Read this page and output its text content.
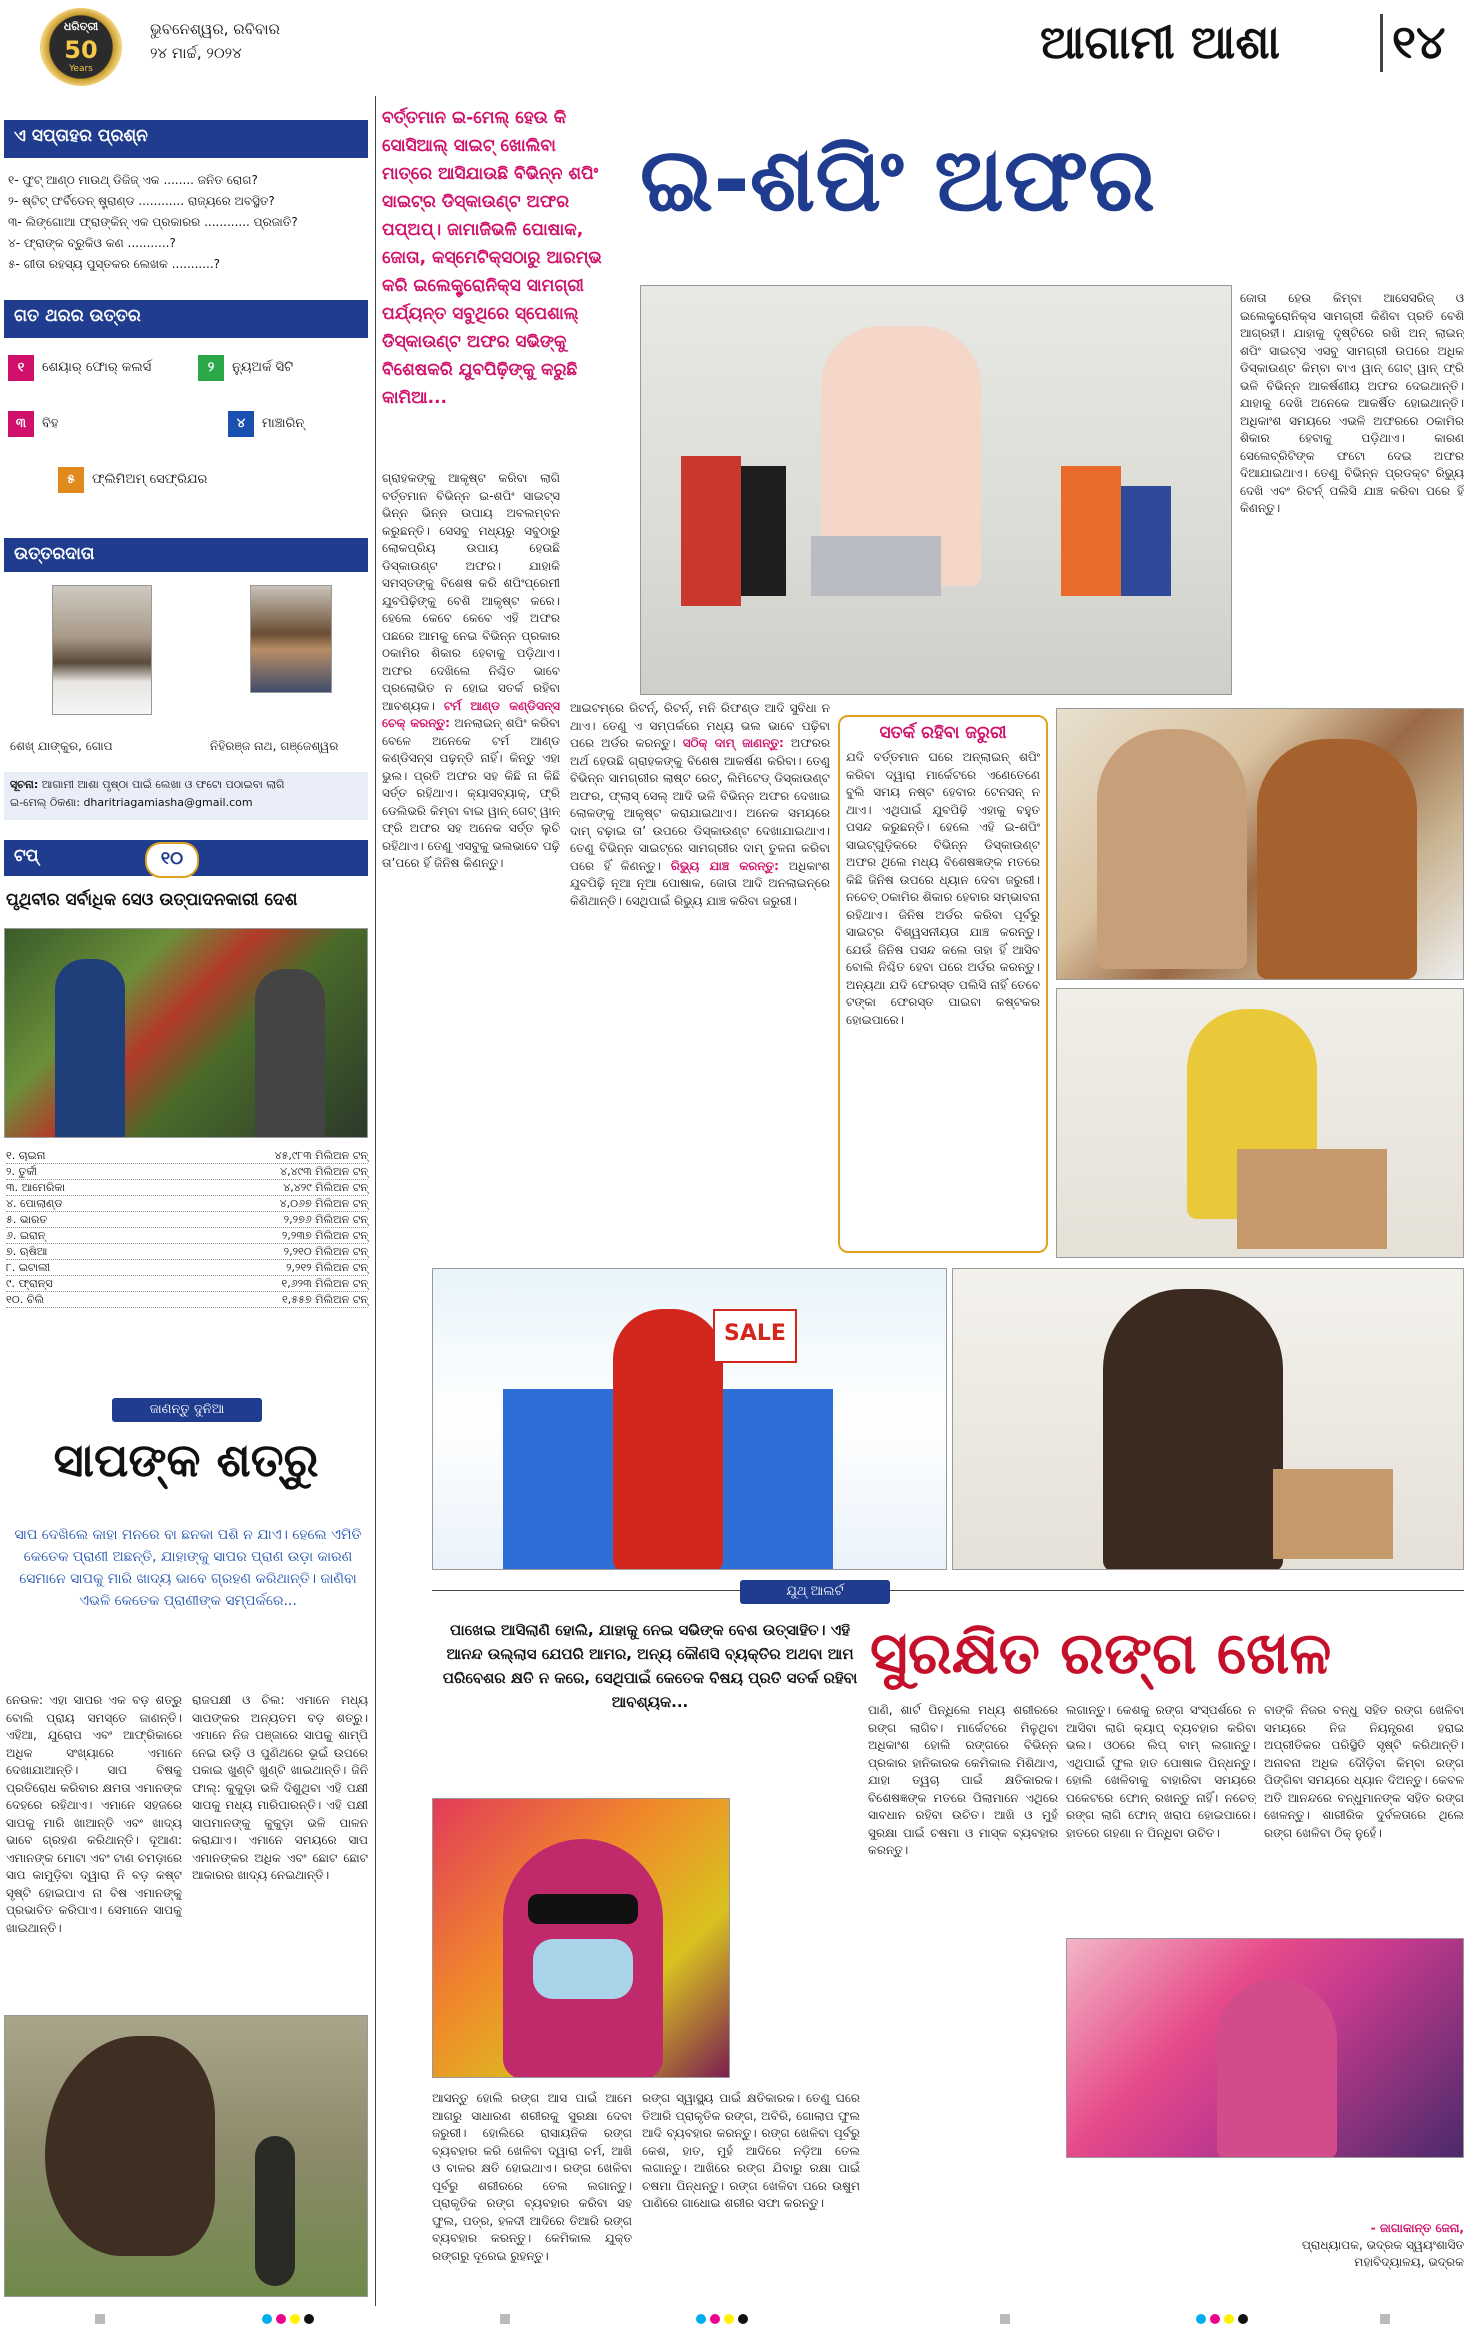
ଧରିତ୍ରୀ
50
Years
ଭୁବନେଶ୍ୱର, ରବିବାର
୨୪ ମାର୍ଚ୍ଚ, ୨୦୨୪	ଆଗାମୀ ଆଶା ୧୪
ଏ ସପ୍ତାହର ପ୍ରଶ୍ନ
୧- ଫୁଟ୍ ଆଣ୍ଠ ମାଉଥ୍ ଡିଜିଜ୍ ଏକ ........ ଜନିତ ରୋଗ?
୨- ଷ୍ଟିଟ୍ ଫର୍ବିଡେନ୍ ଷ୍ଟ୍ରାଣ୍ଡ ............ ରାଜ୍ୟରେ ଅବସ୍ଥିତ?
୩- ଲିଙ୍ଗୋଆ ଫ୍ରାଙ୍କିନ୍ ଏକ ପ୍ରକାରର ............ ପ୍ରଜାତି?
୪- ଫ୍ରାଙ୍କ ବ୍ରୁକିଓ କଣ ...........?
୫- ଗୀତା ରହସ୍ୟ ପୁସ୍ତକର ଲେଖକ ...........?
ଗତ ଥରର ଉତ୍ତର
୧ ଶେୟାର୍ ଫୋର୍ କଲର୍ସ	୨ ନ୍ୟୁଅର୍କ ସିଟି
୩ ବିହ	୪ ମାଞ୍ଚାରିନ୍
୫ ଫ୍ଲିମିଅମ୍ ସେଫ୍ରିଯର
ଉତ୍ତରଦାତା
ଶେଖ୍ ଯାଙ୍କୁର, ଗୋପ	ନିହିରଞ୍ଜ ନାଥ, ଗଞ୍ଜେଶ୍ୱର
ସୂଚନା: ଆଗାମୀ ଆଶା ପୃଷ୍ଠା ପାଇଁ ଲେଖା ଓ ଫଟୋ ପଠାଇବା ଲାଗି
ଇ-ମେଲ୍ ଠିକଣା: dharitriagamiasha@gmail.com
ଟପ୍	୧୦
ପୃଥିବୀର ସର୍ବାଧିକ ସେଓ ଉତ୍ପାଦନକାରୀ ଦେଶ
୧. ଚାଇନା	୪୫,୯୮୩ ମିଲିଅନ ଟନ୍
୨. ତୁର୍କୀ	୪,୪୯୩ ମିଲିଅନ ଟନ୍
୩. ଆମେରିକା	୪,୪୨୯ ମିଲିଅନ ଟନ୍
୪. ପୋଲାଣ୍ଡ	୪,୦୬୭ ମିଲିଅନ ଟନ୍
୫. ଭାରତ	୨,୨୭୬ ମିଲିଅନ ଟନ୍
୬. ଇରାନ୍	୨,୨୩୭ ମିଲିଅନ ଟନ୍
୭. ଋଷିଆ	୨,୨୧୦ ମିଲିଅନ ଟନ୍
୮. ଇଟାଲୀ	୨,୨୧୨ ମିଲିଅନ ଟନ୍
୯. ଫ୍ରାନ୍ସ	୧,୬୨୩ ମିଲିଅନ ଟନ୍
୧୦. ଚିଲି	୧,୫୫୭ ମିଲିଅନ ଟନ୍
ଜାଣନ୍ତୁ ଦୁନିଆ
ସାପଙ୍କ ଶତ୍ରୁ
ସାପ ଦେଖିଲେ କାହା ମନରେ ବା ଛନକା ପଶି ନ ଯାଏ। ହେଲେ ଏମିତି କେତେକ ପ୍ରାଣୀ ଅଛନ୍ତି, ଯାହାଙ୍କୁ ସାପର ପ୍ରାଣ ଉଡ଼ା କାରଣ ସେମାନେ ସାପକୁ ମାରି ଖାଦ୍ୟ ଭାବେ ଗ୍ରହଣ କରିଥାନ୍ତି। ଜାଣିବା ଏଭଳି କେତେକ ପ୍ରାଣୀଙ୍କ ସମ୍ପର୍କରେ...
ନେଉଳ: ଏହା ସାପର ଏକ ବଡ଼ ଶତ୍ରୁ ବୋଲି ପ୍ରାୟ ସମସ୍ତେ ଜାଣନ୍ତି। ଏହିଆ, ଯୁରୋପ ଏବଂ ଆଫ୍ରିକାରେ ଅଧିକ ସଂଖ୍ୟାରେ ଏମାନେ ଦେଖାଯାଆନ୍ତି। ସାପ ବିଷକୁ ପ୍ରତିରୋଧ କରିବାର କ୍ଷମତା ଏମାନଙ୍କ ଦେହରେ ରହିଥାଏ। ଏମାନେ ସହଜରେ ସାପକୁ ମାରି ଖାଆନ୍ତି ଏବଂ ଖାଦ୍ୟ ଭାବେ ଗ୍ରହଣ କରିଥାନ୍ତି। ଦୂଆଣ: ଏମାନଙ୍କ ମୋଟା ଏବଂ ଟାଣ ଚମଡ଼ାରେ ସାପ କାମୁଡ଼ିବା ଦ୍ୱାରା ନି ବଡ଼ କଷ୍ଟ ସୃଷ୍ଟି ହୋଇପାଏ ନା ବିଷ ଏମାନଙ୍କୁ ପ୍ରଭାବିତ କରିପାଏ। ସେମାନେ ସାପକୁ ଖାଇଥାନ୍ତି।
ରାଜପକ୍ଷୀ ଓ ଚିଲ: ଏମାନେ ମଧ୍ୟ ସାପଙ୍କର ଅନ୍ୟତମ ବଡ଼ ଶତ୍ରୁ। ଏମାନେ ନିଜ ପଞ୍ଜାରେ ସାପକୁ ଶାମ୍ପି ନେଇ ଉଡ଼ି ଓ ପୁଣିଥରେ ଭୂଇଁ ଉପରେ ପକାଇ ଖୁଣ୍ଟି ଖୁଣ୍ଟି ଖାଇଥାନ୍ତି। ଜିନି ଫାଲ୍: କୁକୁଡ଼ା ଭଳି ଦିଶୁଥିବା ଏହି ପକ୍ଷୀ ସାପକୁ ମଧ୍ୟ ମାରିପାରନ୍ତି। ଏହି ପକ୍ଷୀ ସାପମାନଙ୍କୁ କୁକୁଡ଼ା ଭଳି ପାଳନ କରାଯାଏ। ଏମାନେ ସମୟରେ ସାପ ଏମାନଙ୍କର ଅଧିକ ଏବଂ ଛୋଟ ଛୋଟ ଆକାରର ଖାଦ୍ୟ ନେଇଥାନ୍ତି।
ବର୍ତ୍ତମାନ ଇ-ମେଲ୍ ହେଉ କି ସୋସିଆଲ୍ ସାଇଟ୍ ଖୋଲିବା ମାତ୍ରେ ଆସିଯାଉଛି ବିଭିନ୍ନ ଶପିଂ ସାଇଟ୍‌ର ଡିସ୍କାଉଣ୍ଟ ଅଫର ପପ୍‌ଅପ୍। ଜାମାଜିଭଳି ପୋଷାକ, ଜୋତା, କସ୍‌ମେଟିକ୍ସଠାରୁ ଆରମ୍ଭ କରି ଇଲେକ୍ଟ୍ରୋନିକ୍ସ ସାମଗ୍ରୀ ପର୍ଯ୍ୟନ୍ତ ସବୁଥିରେ ସ୍ପେଶାଲ୍ ଡିସ୍କାଉଣ୍ଟ ଅଫର ସଭିଙ୍କୁ ବିଶେଷକରି ଯୁବପିଢ଼ିଙ୍କୁ କରୁଛି କାମିଆ...
ଇ-ଶପିଂ ଅଫର
ଜୋତା ହେଉ କିମ୍ବା ଆସେସରିଜ୍ ଓ ଇଲେକ୍ଟ୍ରୋନିକ୍ସ ସାମଗ୍ରୀ କିଣିବା ପ୍ରତି ବେଶି ଆଗ୍ରହୀ। ଯାହାକୁ ଦୃଷ୍ଟିରେ ରଖି ଅନ୍ ଲାଇନ୍ ଶପିଂ ସାଇଟ୍ସ ଏସବୁ ସାମଗ୍ରୀ ଉପରେ ଅଧିକ ଡିସ୍କାଉଣ୍ଟ କିମ୍ବା ବାଏ ୱାନ୍ ଗେଟ୍ ୱାନ୍ ଫ୍ରି ଭଳି ବିଭିନ୍ନ ଆକର୍ଷଣୀୟ ଅଫର ଦେଇଥାନ୍ତି। ଯାହାକୁ ଦେଖି ଅନେକେ ଆକର୍ଷିତ ହୋଇଥାନ୍ତି। ଅଧିକାଂଶ ସମୟରେ ଏଭଳି ଅଫରରେ ଠକାମିର ଶିକାର ହେବାକୁ ପଡ଼ିଥାଏ। କାରଣ ସେଲେବ୍ରିଟିଙ୍କ ଫଟୋ ଦେଇ ଅଫର ଦିଆଯାଇଥାଏ। ତେଣୁ ବିଭିନ୍ନ ପ୍ରଡକ୍ଟ ରିଭ୍ୟୁ ଦେଖି ଏବଂ ରିଟର୍ନ୍ ପଲିସି ଯାଞ୍ଚ କରିବା ପରେ ହିଁ କିଣନ୍ତୁ।
ଗ୍ରାହକଙ୍କୁ ଆକୃଷ୍ଟ କରିବା ଲାଗି ବର୍ତ୍ତମାନ ବିଭିନ୍ନ ଇ-ଶପିଂ ସାଇଟ୍ସ ଭିନ୍ନ ଭିନ୍ନ ଉପାୟ ଅବଲମ୍ବନ କରୁଛନ୍ତି। ସେସବୁ ମଧ୍ୟରୁ ସବୁଠାରୁ ଲୋକପ୍ରିୟ ଉପାୟ ହେଉଛି ଡିସ୍କାଉଣ୍ଟ ଅଫର। ଯାହାକି ସମସ୍ତଙ୍କୁ ବିଶେଷ କରି ଶପିଂପ୍ରେମୀ ଯୁବପିଢ଼ିଙ୍କୁ ବେଶି ଆକୃଷ୍ଟ କରେ। ହେଲେ କେବେ କେବେ ଏହି ଅଫର ପଛରେ ଆମକୁ ନେଇ ବିଭିନ୍ନ ପ୍ରକାର ଠକାମିର ଶିକାର ହେବାକୁ ପଡ଼ିଥାଏ। ଅଫର ଦେଖିଲେ ନିଶ୍ଚିତ ଭାବେ ପ୍ରଲୋଭିତ ନ ହୋଇ ସତର୍କ ରହିବା ଆବଶ୍ୟକ। ଟର୍ମ ଆଣ୍ଡ କଣ୍ଡିସନ୍ସ ଚେକ୍ କରନ୍ତୁ: ଅନଲାଇନ୍ ଶପିଂ କରିବା ବେଳେ ଅନେକେ ଟର୍ମ ଆଣ୍ଡ କଣ୍ଡିସନ୍ସ ପଢ଼ନ୍ତି ନାହିଁ। କିନ୍ତୁ ଏହା ଭୁଲ। ପ୍ରତି ଅଫର ସହ କିଛି ନା କିଛି ସର୍ତ୍ତ ରହିଥାଏ। କ୍ୟାସବ୍ୟାକ୍, ଫ୍ରି ଡେଲିଭରି କିମ୍ବା ବାଇ ୱାନ୍ ଗେଟ୍ ୱାନ୍ ଫ୍ରି ଅଫର ସହ ଅନେକ ସର୍ତ୍ତ ଲୁଚି ରହିଥାଏ। ତେଣୁ ଏସବୁକୁ ଭଲଭାବେ ପଢ଼ି ତା’ପରେ ହିଁ ଜିନିଷ କିଣନ୍ତୁ।
ଆଇଟମ୍‌ରେ ରିଟର୍ନ୍, ରିଟର୍ନ୍, ମନି ରିଫଣ୍ଡ ଆଦି ସୁବିଧା ନ ଥାଏ। ତେଣୁ ଏ ସମ୍ପର୍କରେ ମଧ୍ୟ ଭଲ ଭାବେ ପଢ଼ିବା ପରେ ଅର୍ଡର କରନ୍ତୁ। ସଠିକ୍ ଦାମ୍ ଜାଣନ୍ତୁ: ଅଫରର ଅର୍ଥ ହେଉଛି ଗ୍ରାହକଙ୍କୁ ବିଶେଷ ଆକର୍ଷଣ କରିବା। ତେଣୁ ବିଭିନ୍ନ ସାମଗ୍ରୀର ଲାଷ୍ଟ ରେଟ୍, ଲିମିଟେଡ୍ ଡିସ୍କାଉଣ୍ଟ ଅଫର, ଫ୍ଲାସ୍ ସେଲ୍ ଆଦି ଭଳି ବିଭିନ୍ନ ଅଫର ଦେଖାଇ ଲୋକଙ୍କୁ ଆକୃଷ୍ଟ କରାଯାଇଥାଏ। ଅନେକ ସମୟରେ ଦାମ୍ ବଢ଼ାଇ ତା’ ଉପରେ ଡିସ୍କାଉଣ୍ଟ ଦେଖାଯାଇଥାଏ। ତେଣୁ ବିଭିନ୍ନ ସାଇଟ୍‌ରେ ସାମଗ୍ରୀର ଦାମ୍ ତୁଳନା କରିବା ପରେ ହିଁ କିଣନ୍ତୁ। ରିଭ୍ୟୁ ଯାଞ୍ଚ କରନ୍ତୁ: ଅଧିକାଂଶ ଯୁବପିଢ଼ି ନୂଆ ନୂଆ ପୋଷାକ, ଜୋତା ଆଦି ଅନଲାଇନ୍‌ରେ କିଣିଥାନ୍ତି। ସେଥିପାଇଁ ରିଭ୍ୟୁ ଯାଞ୍ଚ କରିବା ଜରୁରୀ।
ସତର୍କ ରହିବା ଜରୁରୀ
ଯଦି ବର୍ତ୍ତମାନ ଘରେ ଅନ୍‌ଲାଇନ୍ ଶପିଂ କରିବା ଦ୍ୱାରା ମାର୍କେଟରେ ଏଣେତେଣେ ବୁଲି ସମୟ ନଷ୍ଟ ହେବାର ଟେନସନ୍ ନ ଥାଏ। ଏଥିପାଇଁ ଯୁବପିଢ଼ି ଏହାକୁ ବହୁତ ପସନ୍ଦ କରୁଛନ୍ତି। ହେଲେ ଏହି ଇ-ଶପିଂ ସାଇଟ୍‌ଗୁଡ଼ିକରେ ବିଭିନ୍ନ ଡିସ୍କାଉଣ୍ଟ ଅଫର ଥିଲେ ମଧ୍ୟ ବିଶେଷଜ୍ଞଙ୍କ ମତରେ କିଛି ଜିନିଷ ଉପରେ ଧ୍ୟାନ ଦେବା ଜରୁରୀ। ନଚେତ୍ ଠକାମିର ଶିକାର ହେବାର ସମ୍ଭାବନା ରହିଥାଏ। ଜିନିଷ ଅର୍ଡର କରିବା ପୂର୍ବରୁ ସାଇଟ୍‌ର ବିଶ୍ୱସନୀୟତା ଯାଞ୍ଚ କରନ୍ତୁ। ଯେଉଁ ଜିନିଷ ପସନ୍ଦ କଲେ ତାହା ହିଁ ଆସିବ ବୋଲି ନିଶ୍ଚିତ ହେବା ପରେ ଅର୍ଡର କରନ୍ତୁ। ଅନ୍ୟଥା ଯଦି ଫେରସ୍ତ ପଲିସି ନାହିଁ ତେବେ ଟଙ୍କା ଫେରସ୍ତ ପାଇବା କଷ୍ଟକର ହୋଇପାରେ।
SALE
ଯୁଥ୍ ଆଲର୍ଟ
ପାଖେଇ ଆସିଲାଣି ହୋଲି, ଯାହାକୁ ନେଇ ସଭିଙ୍କ ବେଶ ଉତ୍ସାହିତ। ଏହି ଆନନ୍ଦ ଉଲ୍ଲାସ ଯେପରି ଆମର, ଅନ୍ୟ କୌଣସି ବ୍ୟକ୍ତିର ଅଥବା ଆମ ପରିବେଶର କ୍ଷତି ନ କରେ, ସେଥିପାଇଁ କେତେକ ବିଷୟ ପ୍ରତି ସତର୍କ ରହିବା ଆବଶ୍ୟକ...
ସୁରକ୍ଷିତ ରଙ୍ଗ ଖେଳ
ପାଣି, ଶାର୍ଟ ପିନ୍ଧିଲେ ମଧ୍ୟ ଶରୀରରେ ରଙ୍ଗ ଲାଗିବ। ମାର୍କେଟରେ ମିଳୁଥିବା ଅଧିକାଂଶ ହୋଲି ରଙ୍ଗରେ ବିଭିନ୍ନ ପ୍ରକାର ହାନିକାରକ କେମିକାଲ ମିଶିଥାଏ, ଯାହା ତ୍ୱଚା ପାଇଁ କ୍ଷତିକାରକ। ବିଶେଷଜ୍ଞଙ୍କ ମତରେ ପିଲାମାନେ ଏଥିରେ ସାବଧାନ ରହିବା ଉଚିତ। ଆଖି ଓ ମୁହଁ ସୁରକ୍ଷା ପାଇଁ ଚଷମା ଓ ମାସ୍କ ବ୍ୟବହାର କରନ୍ତୁ।
ଲଗାନ୍ତୁ। କେଶକୁ ରଙ୍ଗ ସଂସ୍ପର୍ଶରେ ନ ଆସିବା ଲାଗି କ୍ୟାପ୍ ବ୍ୟବହାର କରିବା ଭଲ। ଓଠରେ ଲିପ୍ ବାମ୍ ଲଗାନ୍ତୁ। ଏଥିପାଇଁ ଫୁଲ ହାତ ପୋଷାକ ପିନ୍ଧନ୍ତୁ। ହୋଲି ଖେଳିବାକୁ ବାହାରିବା ସମୟରେ ପକେଟରେ ଫୋନ୍ ରଖନ୍ତୁ ନାହିଁ। ନଚେତ୍ ରଙ୍ଗ ଲାଗି ଫୋନ୍ ଖରାପ ହୋଇପାରେ। ହାତରେ ଗହଣା ନ ପିନ୍ଧିବା ଉଚିତ।
ବାଙ୍କି ନିଜର ବନ୍ଧୁ ସହିତ ରଙ୍ଗ ଖେଳିବା ସମୟରେ ନିଜ ନିୟନ୍ତ୍ରଣ ହରାଇ ଅପ୍ରୀତିକର ପରିସ୍ଥିତି ସୃଷ୍ଟି କରିଥାନ୍ତି। ଅନାବନା ଅଧିକ ଦୌଡ଼ିବା କିମ୍ବା ରଙ୍ଗ ପିଙ୍ଗିବା ସମୟରେ ଧ୍ୟାନ ଦିଅନ୍ତୁ। କେବଳ ଅତି ଆନନ୍ଦରେ ବନ୍ଧୁମାନଙ୍କ ସହିତ ରଙ୍ଗ ଖେଳନ୍ତୁ। ଶାରୀରିକ ଦୁର୍ବଳତାରେ ଥିଲେ ରଙ୍ଗ ଖେଳିବା ଠିକ୍ ନୁହେଁ।
ଆସନ୍ତୁ ହୋଲି ରଙ୍ଗ ଆସ ପାଇଁ ଆମେ ଆଗରୁ ସାଧାରଣ ଶରୀରକୁ ସୁରକ୍ଷା ଦେବା ଜରୁରୀ। ହୋଲିରେ ରାସାୟନିକ ରଙ୍ଗ ବ୍ୟବହାର କରି ଖେଳିବା ଦ୍ୱାରା ଚର୍ମ, ଆଖି ଓ ବାଳର କ୍ଷତି ହୋଇଥାଏ। ରଙ୍ଗ ଖେଳିବା ପୂର୍ବରୁ ଶରୀରରେ ତେଲ ଲଗାନ୍ତୁ। ପ୍ରାକୃତିକ ରଙ୍ଗ ବ୍ୟବହାର କରିବା ସହ ଫୁଲ, ପତ୍ର, ହଳଦୀ ଆଦିରେ ତିଆରି ରଙ୍ଗ ବ୍ୟବହାର କରନ୍ତୁ। କେମିକାଲ ଯୁକ୍ତ ରଙ୍ଗରୁ ଦୂରେଇ ରୁହନ୍ତୁ।
ରଙ୍ଗ ସ୍ୱାସ୍ଥ୍ୟ ପାଇଁ କ୍ଷତିକାରକ। ତେଣୁ ଘରେ ତିଆରି ପ୍ରାକୃତିକ ରଙ୍ଗ, ଅବିରି, ଗୋଲାପ ଫୁଲ ଆଦି ବ୍ୟବହାର କରନ୍ତୁ। ରଙ୍ଗ ଖେଳିବା ପୂର୍ବରୁ କେଶ, ହାତ, ମୁହଁ ଆଦିରେ ନଡ଼ିଆ ତେଲ ଲଗାନ୍ତୁ। ଆଖିରେ ରଙ୍ଗ ଯିବାରୁ ରକ୍ଷା ପାଇଁ ଚଷମା ପିନ୍ଧନ୍ତୁ। ରଙ୍ଗ ଖେଳିବା ପରେ ଉଷୁମ ପାଣିରେ ଗାଧୋଇ ଶରୀର ସଫା କରନ୍ତୁ।
- ଜାଗାକାନ୍ତ ଜେନା,
ପ୍ରାଧ୍ୟାପକ, ଭଦ୍ରକ ସ୍ୱୟଂଶାସିତ ମହାବିଦ୍ୟାଳୟ, ଭଦ୍ରକ
